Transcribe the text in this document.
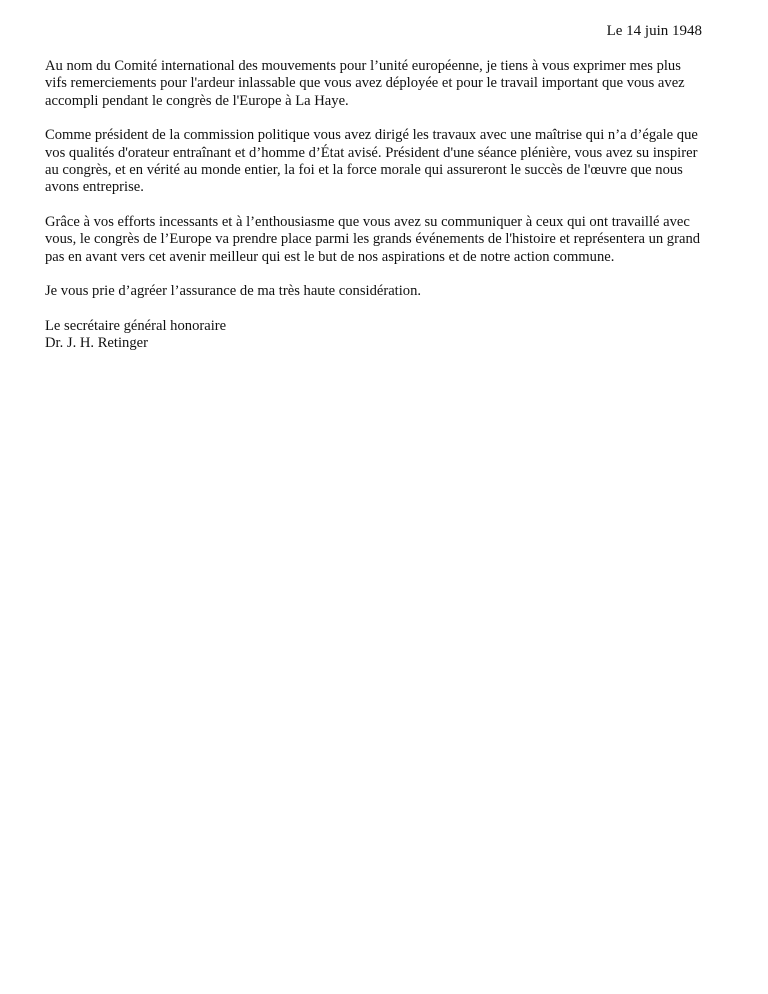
Le 14 juin 1948

Au nom du Comité international des mouvements pour l’unité européenne, je tiens à vous exprimer mes plus vifs remerciements pour l'ardeur inlassable que vous avez déployée et pour le travail important que vous avez accompli pendant le congrès de l'Europe à La Haye.

Comme président de la commission politique vous avez dirigé les travaux avec une maîtrise qui n’a d’égale que vos qualités d'orateur entraînant et d’homme d’État avisé. Président d'une séance plénière, vous avez su inspirer au congrès, et en vérité au monde entier, la foi et la force morale qui assureront le succès de l'œuvre que nous avons entreprise.

Grâce à vos efforts incessants et à l’enthousiasme que vous avez su communiquer à ceux qui ont travaillé avec vous, le congrès de l’Europe va prendre place parmi les grands événements de l'histoire et représentera un grand pas en avant vers cet avenir meilleur qui est le but de nos aspirations et de notre action commune.

Je vous prie d’agréer l’assurance de ma très haute considération.

Le secrétaire général honoraire
Dr. J. H. Retinger
